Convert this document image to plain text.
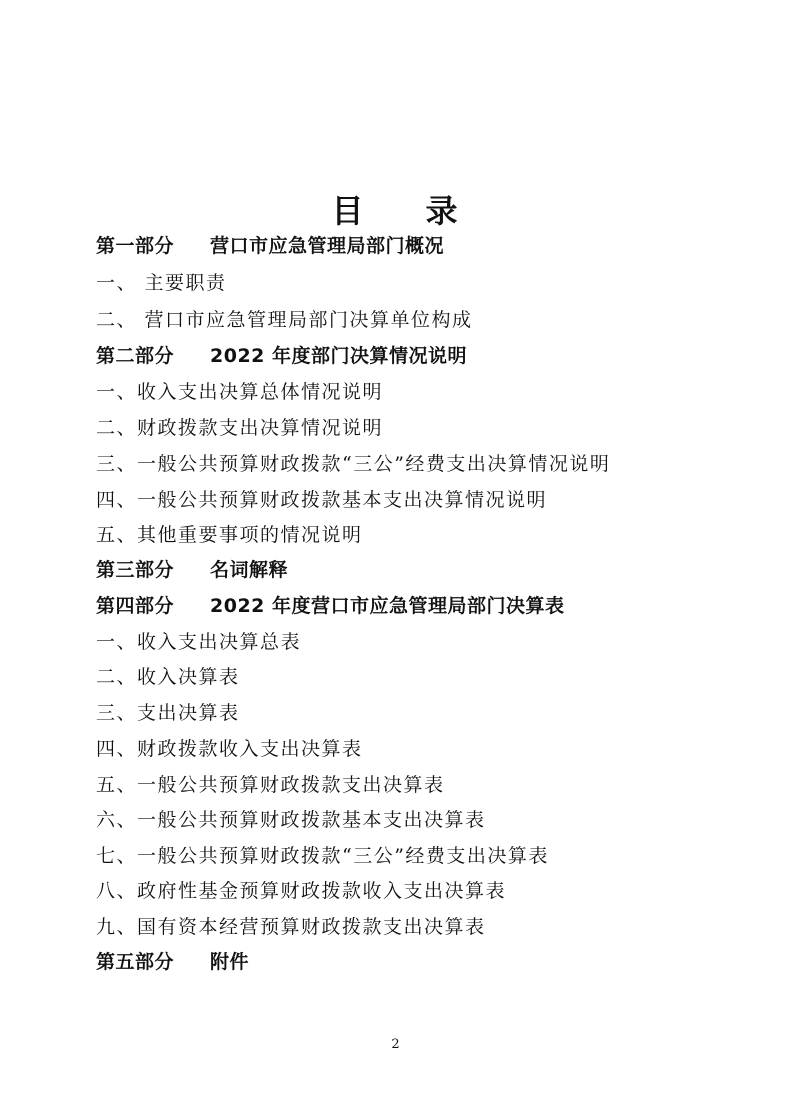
目 录
第一部分 营口市应急管理局部门概况
一、 主要职责
二、 营口市应急管理局部门决算单位构成
第二部分 2022 年度部门决算情况说明
一、收入支出决算总体情况说明
二、财政拨款支出决算情况说明
三、一般公共预算财政拨款“三公”经费支出决算情况说明
四、一般公共预算财政拨款基本支出决算情况说明
五、其他重要事项的情况说明
第三部分 名词解释
第四部分 2022 年度营口市应急管理局部门决算表
一、收入支出决算总表
二、收入决算表
三、支出决算表
四、财政拨款收入支出决算表
五、一般公共预算财政拨款支出决算表
六、一般公共预算财政拨款基本支出决算表
七、一般公共预算财政拨款“三公”经费支出决算表
八、政府性基金预算财政拨款收入支出决算表
九、国有资本经营预算财政拨款支出决算表
第五部分 附件
2
